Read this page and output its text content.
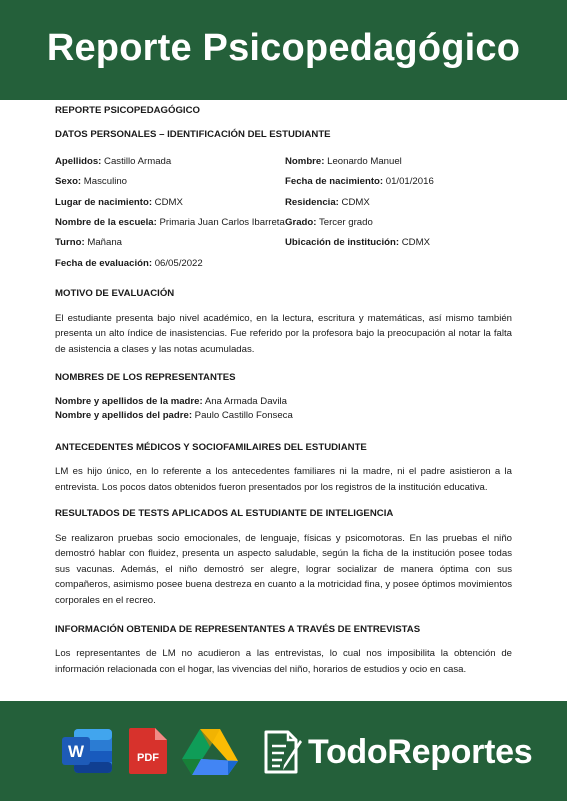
Reporte Psicopedagógico
REPORTE PSICOPEDAGÓGICO
DATOS PERSONALES – IDENTIFICACIÓN DEL ESTUDIANTE
Apellidos: Castillo Armada	Nombre: Leonardo Manuel
Sexo: Masculino	Fecha de nacimiento: 01/01/2016
Lugar de nacimiento: CDMX	Residencia: CDMX
Nombre de la escuela: Primaria Juan Carlos Ibarreta Grado: Tercer grado
Turno: Mañana	Ubicación de institución: CDMX
Fecha de evaluación: 06/05/2022
MOTIVO DE EVALUACIÓN
El estudiante presenta bajo nivel académico, en la lectura, escritura y matemáticas, así mismo también presenta un alto índice de inasistencias. Fue referido por la profesora bajo la preocupación al notar la falta de asistencia a clases y las notas acumuladas.
NOMBRES DE LOS REPRESENTANTES
Nombre y apellidos de la madre: Ana Armada Davila
Nombre y apellidos del padre: Paulo Castillo Fonseca
ANTECEDENTES MÉDICOS Y SOCIOFAMILAIRES DEL ESTUDIANTE
LM es hijo único, en lo referente a los antecedentes familiares ni la madre, ni el padre asistieron a la entrevista. Los pocos datos obtenidos fueron presentados por los registros de la institución educativa.
RESULTADOS DE TESTS APLICADOS AL ESTUDIANTE DE INTELIGENCIA
Se realizaron pruebas socio emocionales, de lenguaje, físicas y psicomotoras. En las pruebas el niño demostró hablar con fluidez, presenta un aspecto saludable, según la ficha de la institución posee todas sus vacunas. Además, el niño demostró ser alegre, lograr socializar de manera óptima con sus compañeros, asimismo posee buena destreza en cuanto a la motricidad fina, y posee óptimos movimientos corporales en el recreo.
INFORMACIÓN OBTENIDA DE REPRESENTANTES A TRAVÉS DE ENTREVISTAS
Los representantes de LM no acudieron a las entrevistas, lo cual nos imposibilita la obtención de información relacionada con el hogar, las vivencias del niño, horarios de estudios y ocio en casa.
W	PDF	TodoReportes
